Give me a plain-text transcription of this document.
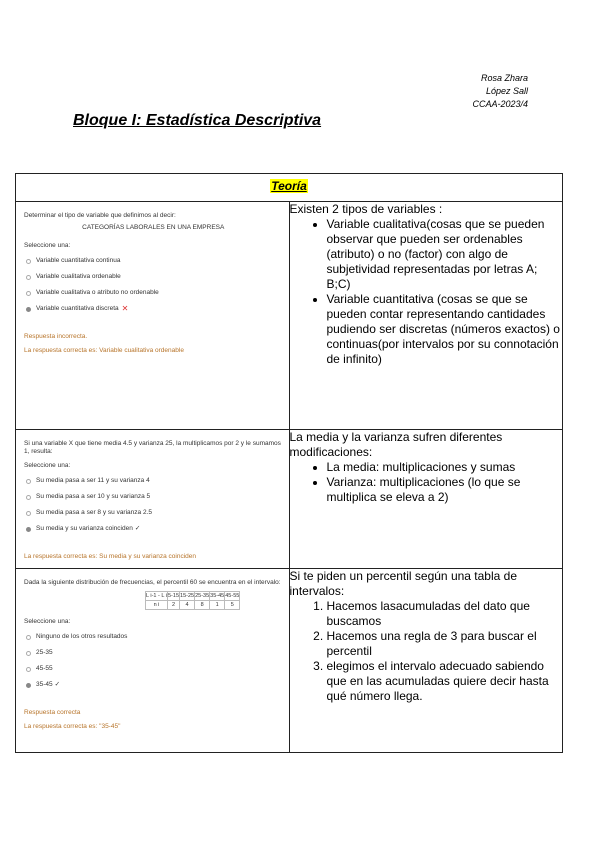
Rosa Zhara
López Sall
CCAA-2023/4
Bloque I: Estadística Descriptiva
Teoría

Determinar el tipo de variable que definimos al decir:

CATEGORÍAS LABORALES EN UNA EMPRESA

Seleccione una:

Variable cuantitativa continua
Variable cualitativa ordenable
Variable cualitativa o atributo no ordenable
Variable cuantitativa discreta ✕

Respuesta incorrecta.

La respuesta correcta es: Variable cualitativa ordenable

Existen 2 tipos de variables :

• Variable cualitativa(cosas que se pueden observar que pueden ser ordenables (atributo) o no (factor) con algo de subjetividad representadas por letras A; B;C)
• Variable cuantitativa (cosas se que se pueden contar representando cantidades pudiendo ser discretas (números exactos) o continuas(por intervalos por su connotación de infinito)

Si una variable X que tiene media 4.5 y varianza 25, la multiplicamos por 2 y le sumamos 1, resulta:

Seleccione una:

Su media pasa a ser 11 y su varianza 4
Su media pasa a ser 10 y su varianza 5
Su media pasa a ser 8 y su varianza 2.5
Su media y su varianza coinciden ✓

La respuesta correcta es: Su media y su varianza coinciden

La media y la varianza sufren diferentes modificaciones:

• La media: multiplicaciones y sumas
• Varianza: multiplicaciones (lo que se multiplica se eleva a 2)

Dada la siguiente distribución de frecuencias, el percentil 60 se encuentra en el intervalo:

L i-1 - L i	5-15	15-25	25-35	35-45	45-55
n i	2	4	8	1	5

Seleccione una:

Ninguno de los otros resultados
25-35
45-55
35-45 ✓

Respuesta correcta

La respuesta correcta es: "35-45"

Si te piden un percentil según una tabla de intervalos:

1. Hacemos lasacumuladas del dato que buscamos
2. Hacemos una regla de 3 para buscar el percentil
3. elegimos el intervalo adecuado sabiendo que en las acumuladas quiere decir hasta qué número llega.
